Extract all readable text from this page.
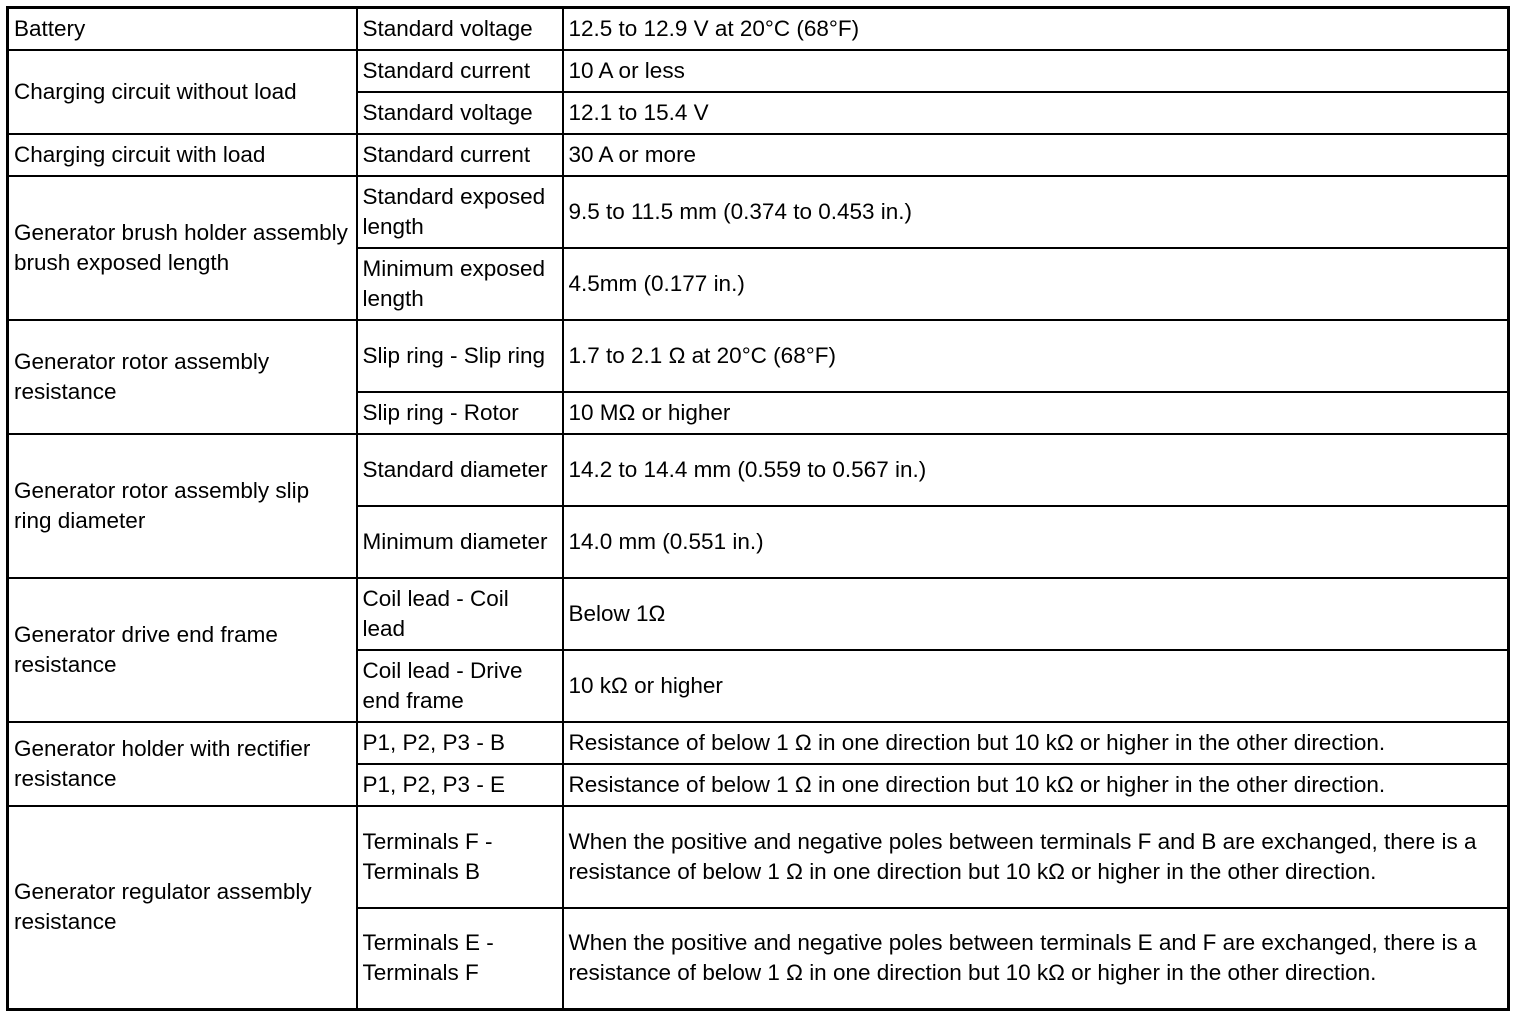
Battery	Standard voltage	12.5 to 12.9 V at 20°C (68°F)
Charging circuit without load	Standard current	10 A or less
	Standard voltage	12.1 to 15.4 V
Charging circuit with load	Standard current	30 A or more
Generator brush holder assembly brush exposed length	Standard exposed length	9.5 to 11.5 mm (0.374 to 0.453 in.)
	Minimum exposed length	4.5mm (0.177 in.)
Generator rotor assembly resistance	Slip ring - Slip ring	1.7 to 2.1 Ω at 20°C (68°F)
	Slip ring - Rotor	10 MΩ or higher
Generator rotor assembly slip ring diameter	Standard diameter	14.2 to 14.4 mm (0.559 to 0.567 in.)
	Minimum diameter	14.0 mm (0.551 in.)
Generator drive end frame resistance	Coil lead - Coil lead	Below 1Ω
	Coil lead - Drive end frame	10 kΩ or higher
Generator holder with rectifier resistance	P1, P2, P3 - B	Resistance of below 1 Ω in one direction but 10 kΩ or higher in the other direction.
	P1, P2, P3 - E	Resistance of below 1 Ω in one direction but 10 kΩ or higher in the other direction.
Generator regulator assembly resistance	Terminals F - Terminals B	When the positive and negative poles between terminals F and B are exchanged, there is a resistance of below 1 Ω in one direction but 10 kΩ or higher in the other direction.
	Terminals E - Terminals F	When the positive and negative poles between terminals E and F are exchanged, there is a resistance of below 1 Ω in one direction but 10 kΩ or higher in the other direction.
